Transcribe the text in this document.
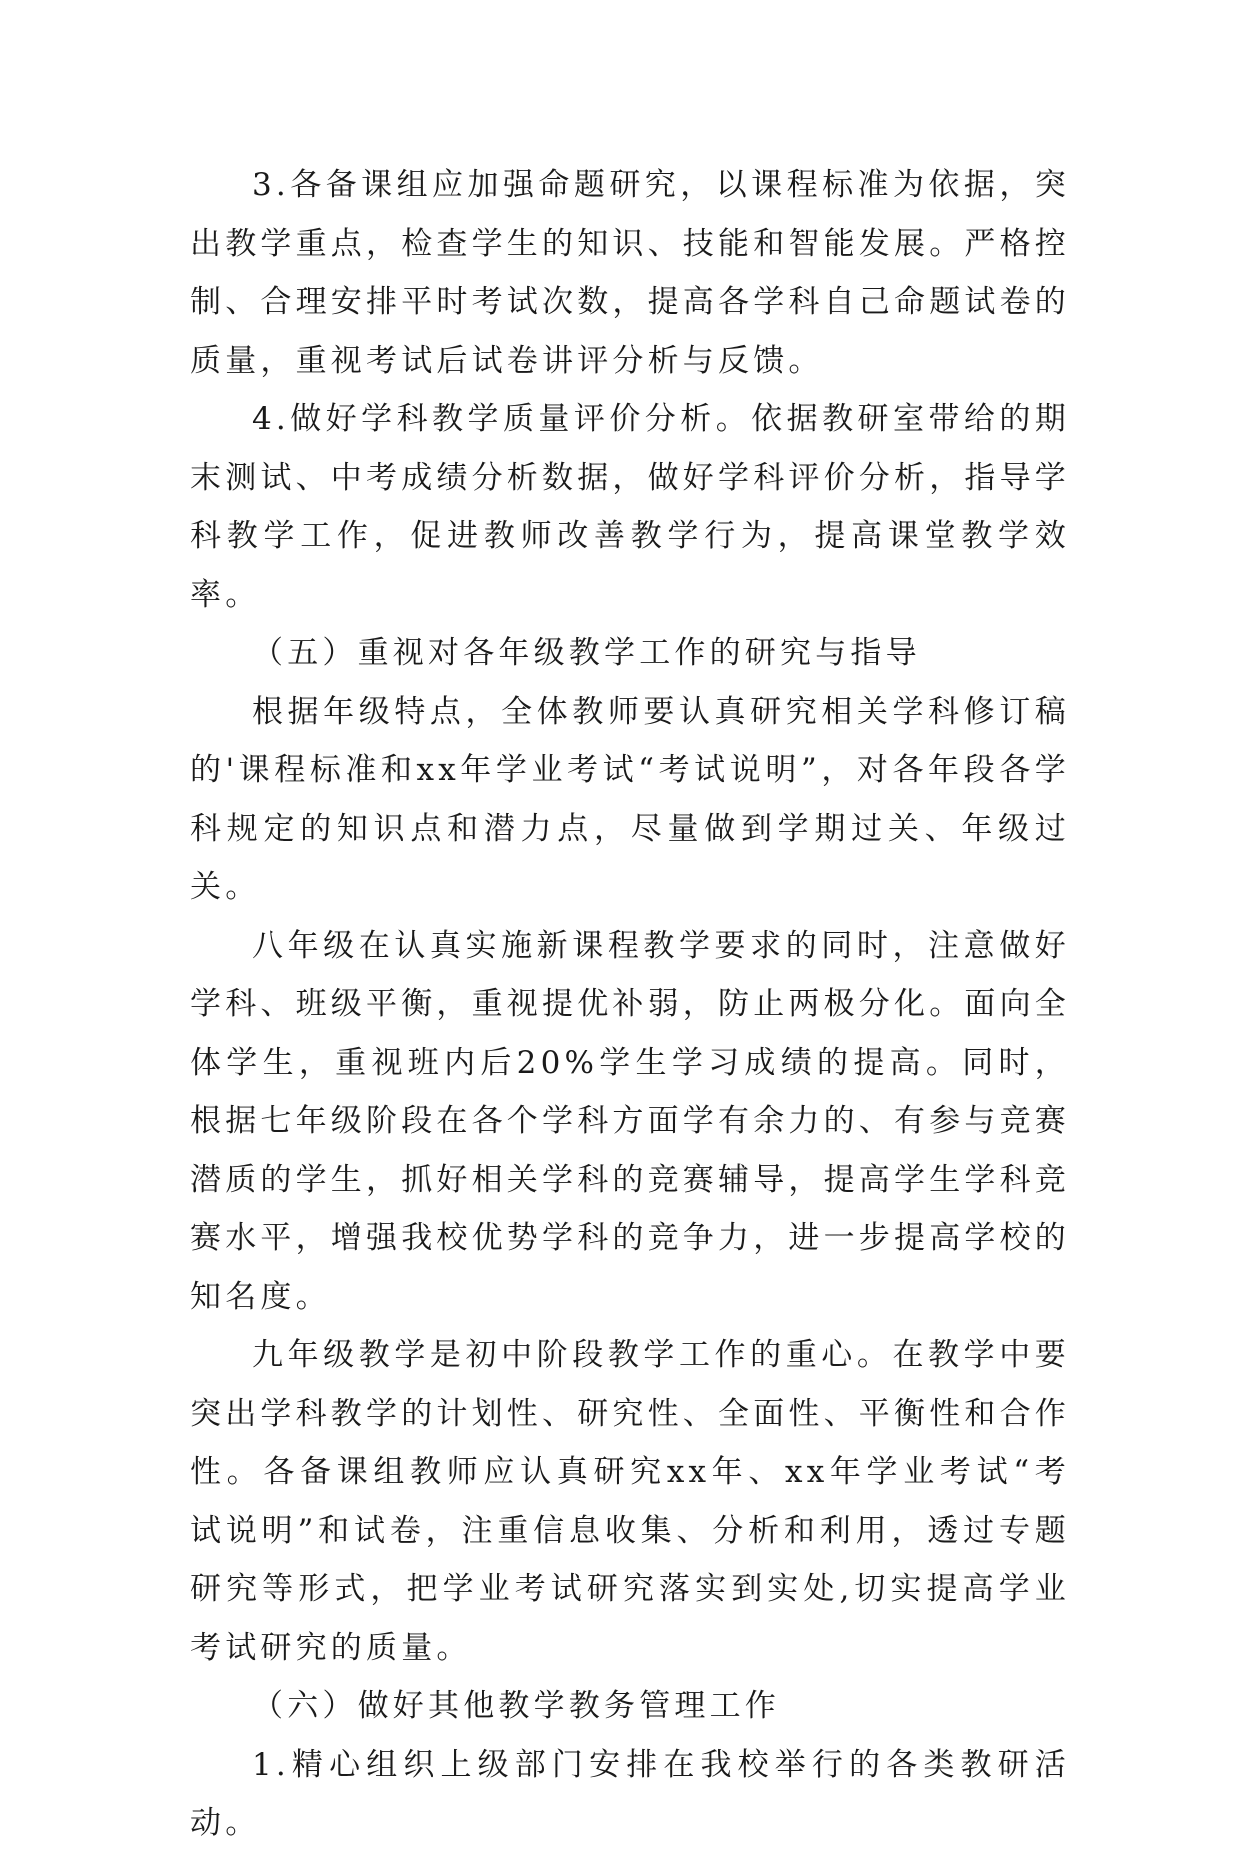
3.各备课组应加强命题研究，以课程标准为依据，突出教学重点，检查学生的知识、技能和智能发展。严格控制、合理安排平时考试次数，提高各学科自己命题试卷的质量，重视考试后试卷讲评分析与反馈。

4.做好学科教学质量评价分析。依据教研室带给的期末测试、中考成绩分析数据，做好学科评价分析，指导学科教学工作，促进教师改善教学行为，提高课堂教学效率。

（五）重视对各年级教学工作的研究与指导

根据年级特点，全体教师要认真研究相关学科修订稿的'课程标准和xx年学业考试“考试说明”，对各年段各学科规定的知识点和潜力点，尽量做到学期过关、年级过关。

八年级在认真实施新课程教学要求的同时，注意做好学科、班级平衡，重视提优补弱，防止两极分化。面向全体学生，重视班内后20%学生学习成绩的提高。同时，根据七年级阶段在各个学科方面学有余力的、有参与竞赛潜质的学生，抓好相关学科的竞赛辅导，提高学生学科竞赛水平，增强我校优势学科的竞争力，进一步提高学校的知名度。

九年级教学是初中阶段教学工作的重心。在教学中要突出学科教学的计划性、研究性、全面性、平衡性和合作性。各备课组教师应认真研究xx年、xx年学业考试“考试说明”和试卷，注重信息收集、分析和利用，透过专题研究等形式，把学业考试研究落实到实处,切实提高学业考试研究的质量。

（六）做好其他教学教务管理工作

1.精心组织上级部门安排在我校举行的各类教研活动。
